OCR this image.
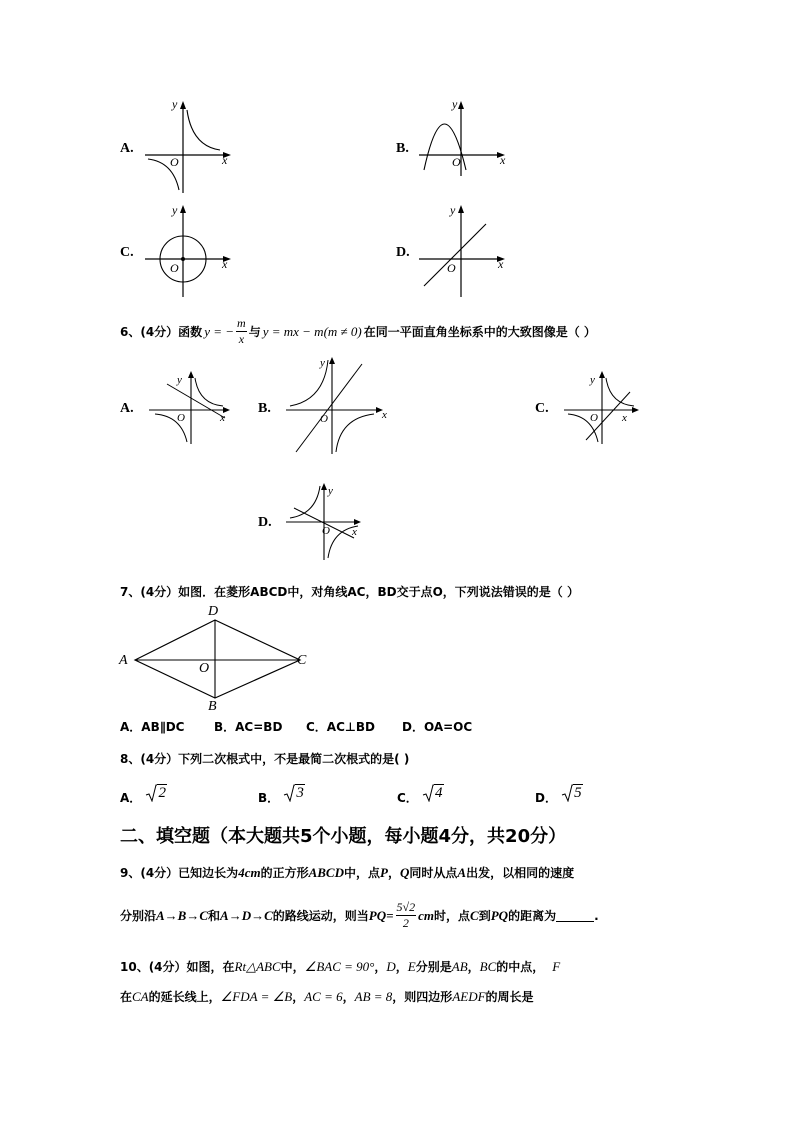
A.
O	x
y
B.
O	x
y
C.
O	x
y
D.
O	x
y
6、(4分）函数 y = − $\frac{m}{x}$ 与 y = mx − m(m ≠ 0) 在同一平面直角坐标系中的大致图像是（ ）
A.
O	x
y
B.
O	x
y
C.
O x
y
D.
O x
y
7、(4分）如图．在菱形ABCD中，对角线AC，BD交于点O，下列说法错误的是（ ）
A
D
C
B
O
A．AB∥DC	B．AC=BD	C．AC⊥BD	D．OA=OC
8、(4分）下列二次根式中，不是最简二次根式的是( )
A． 2	B． 3	C． 4	D． 5
二、填空题（本大题共5个小题，每小题4分，共20分）
9、(4分）已知边长为 4cm 的正方形 ABCD 中，点 P ， Q 同时从点 A 出发，以相同的速度
分别沿 A→B→C 和 A→D→C 的路线运动，则当 $PQ= \frac{5√2}{2}$ cm 时，点 C 到 PQ 的距离为	.
10、(4分）如图，在 Rt△ABC 中， ∠BAC = 90° ， D ， E 分别是 AB ， BC 的中点， F
在 CA 的延长线上， ∠FDA = ∠B ， AC = 6 ， AB = 8 ，则四边形 AEDF 的周长是
